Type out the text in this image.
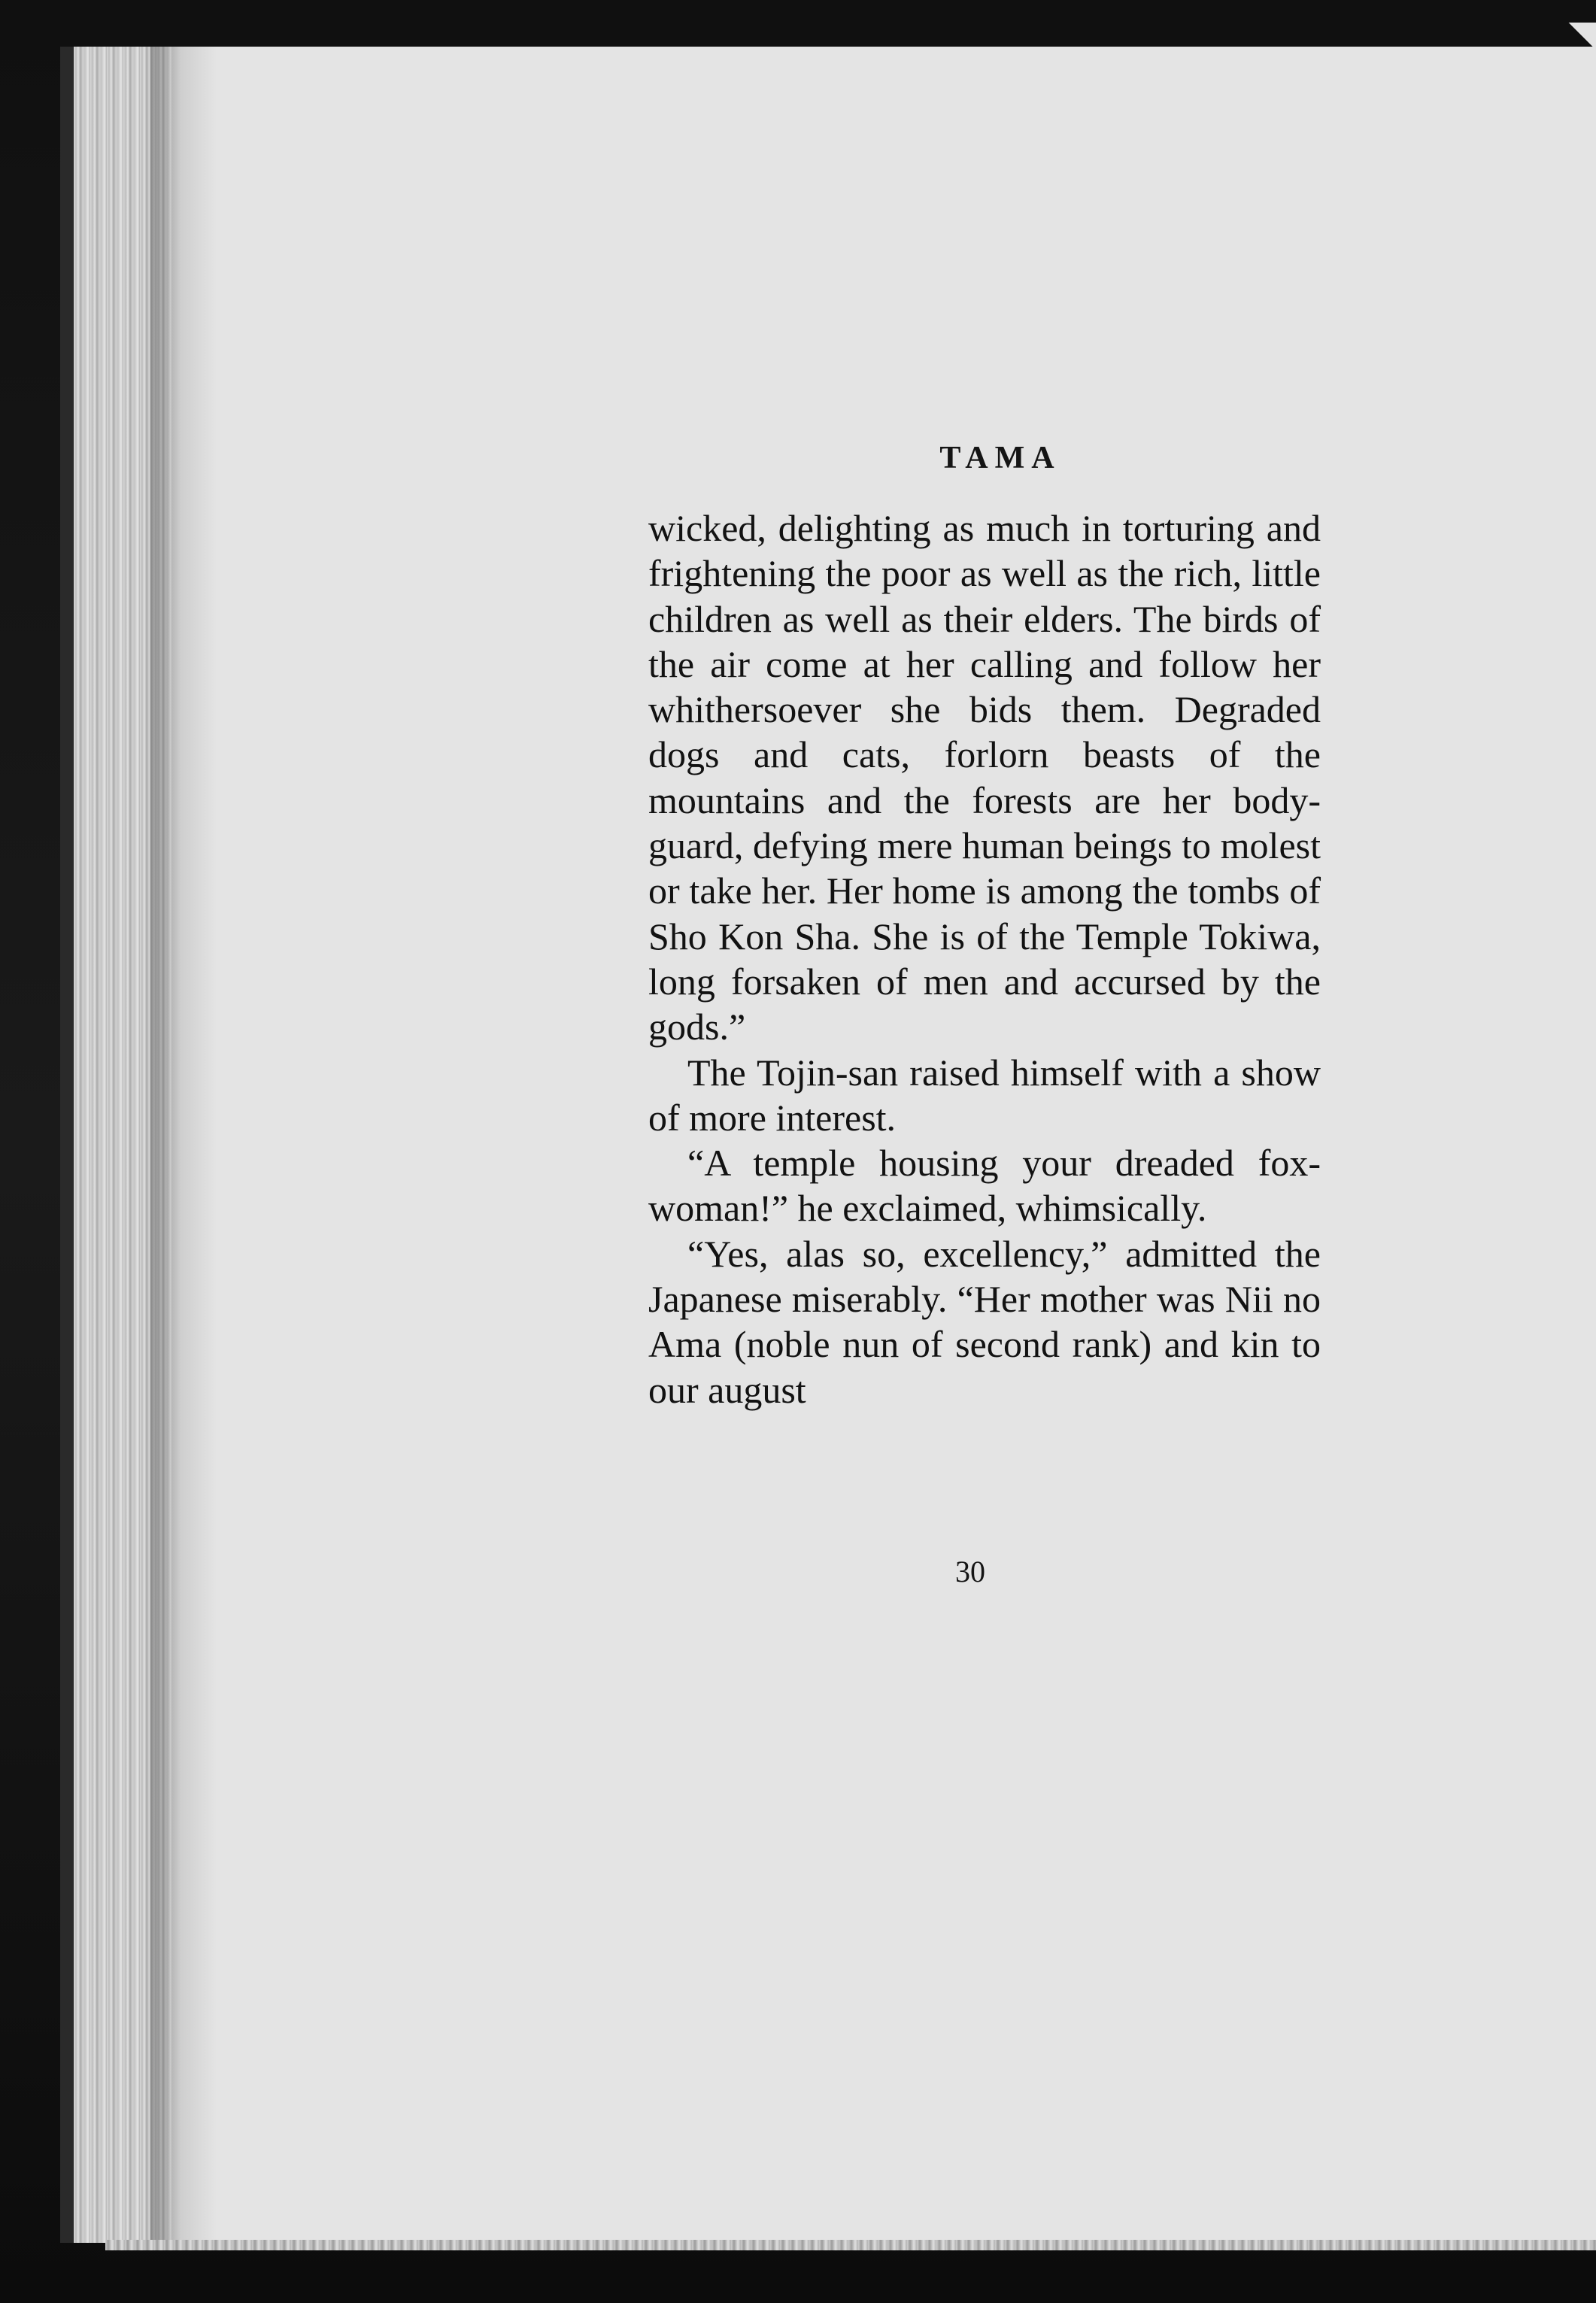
TAMA

wicked, delighting as much in torturing and frightening the poor as well as the rich, little children as well as their elders. The birds of the air come at her calling and follow her whithersoever she bids them. Degraded dogs and cats, forlorn beasts of the mountains and the forests are her body-guard, defying mere human beings to molest or take her. Her home is among the tombs of Sho Kon Sha. She is of the Temple Tokiwa, long forsaken of men and accursed by the gods.”

The Tojin-san raised himself with a show of more interest.

“A temple housing your dreaded fox-woman!” he exclaimed, whimsically.

“Yes, alas so, excellency,” admitted the Japanese miserably. “Her mother was Nii no Ama (noble nun of second rank) and kin to our august

30
